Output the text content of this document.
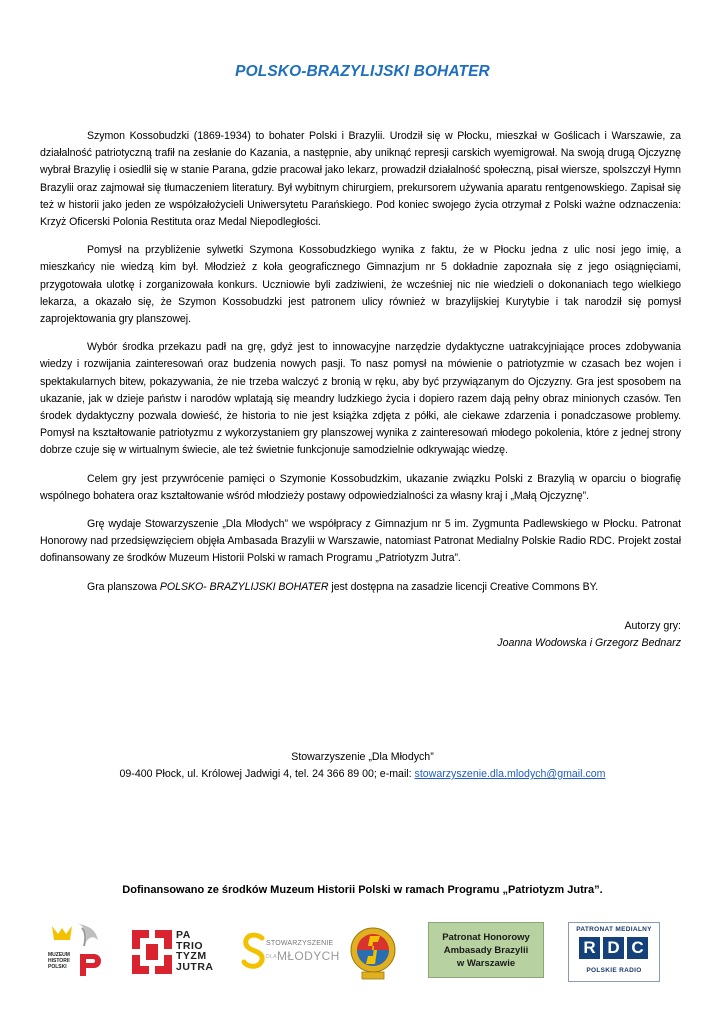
POLSKO-BRAZYLIJSKI BOHATER

Szymon Kossobudzki (1869-1934) to bohater Polski i Brazylii. Urodził się w Płocku, mieszkał w Goślicach i Warszawie, za działalność patriotyczną trafił na zesłanie do Kazania, a następnie, aby uniknąć represji carskich wyemigrował. Na swoją drugą Ojczyznę wybrał Brazylię i osiedlił się w stanie Parana, gdzie pracował jako lekarz, prowadził działalność społeczną, pisał wiersze, spolszczył Hymn Brazylii oraz zajmował się tłumaczeniem literatury. Był wybitnym chirurgiem, prekursorem używania aparatu rentgenowskiego. Zapisał się też w historii jako jeden ze współzałożycieli Uniwersytetu Parańskiego. Pod koniec swojego życia otrzymał z Polski ważne odznaczenia: Krzyż Oficerski Polonia Restituta oraz Medal Niepodległości.

Pomysł na przybliżenie sylwetki Szymona Kossobudzkiego wynika z faktu, że w Płocku jedna z ulic nosi jego imię, a mieszkańcy nie wiedzą kim był. Młodzież z koła geograficznego Gimnazjum nr 5 dokładnie zapoznała się z jego osiągnięciami, przygotowała ulotkę i zorganizowała konkurs. Uczniowie byli zadziwieni, że wcześniej nic nie wiedzieli o dokonaniach tego wielkiego lekarza, a okazało się, że Szymon Kossobudzki jest patronem ulicy również w brazylijskiej Kurytybie i tak narodził się pomysł zaprojektowania gry planszowej.

Wybór środka przekazu padł na grę, gdyż jest to innowacyjne narzędzie dydaktyczne uatrakcyjniające proces zdobywania wiedzy i rozwijania zainteresowań oraz budzenia nowych pasji. To nasz pomysł na mówienie o patriotyzmie w czasach bez wojen i spektakularnych bitew, pokazywania, że nie trzeba walczyć z bronią w ręku, aby być przywiązanym do Ojczyzny. Gra jest sposobem na ukazanie, jak w dzieje państw i narodów wplatają się meandry ludzkiego życia i dopiero razem dają pełny obraz minionych czasów. Ten środek dydaktyczny pozwala dowieść, że historia to nie jest książka zdjęta z półki, ale ciekawe zdarzenia i ponadczasowe problemy. Pomysł na kształtowanie patriotyzmu z wykorzystaniem gry planszowej wynika z zainteresowań młodego pokolenia, które z jednej strony dobrze czuje się w wirtualnym świecie, ale też świetnie funkcjonuje samodzielnie odkrywając wiedzę.

Celem gry jest przywrócenie pamięci o Szymonie Kossobudzkim, ukazanie związku Polski z Brazylią w oparciu o biografię wspólnego bohatera oraz kształtowanie wśród młodzieży postawy odpowiedzialności za własny kraj i „Małą Ojczyznę”.

Grę wydaje Stowarzyszenie „Dla Młodych” we współpracy z Gimnazjum nr 5 im. Zygmunta Padlewskiego w Płocku. Patronat Honorowy nad przedsięwzięciem objęła Ambasada Brazylii w Warszawie, natomiast Patronat Medialny Polskie Radio RDC. Projekt został dofinansowany ze środków Muzeum Historii Polski w ramach Programu „Patriotyzm Jutra”.

Gra planszowa POLSKO- BRAZYLIJSKI BOHATER jest dostępna na zasadzie licencji Creative Commons BY.

Autorzy gry:
Joanna Wodowska i Grzegorz Bednarz
Stowarzyszenie „Dla Młodych”
09-400 Płock, ul. Królowej Jadwigi 4, tel. 24 366 89 00; e-mail: stowarzyszenie.dla.mlodych@gmail.com

Dofinansowano ze środków Muzeum Historii Polski w ramach Programu „Patriotyzm Jutra”.

MUZEUM HISTORII POLSKI
PA
TRIO
TYZM
JUTRA
STOWARZYSZENIE
DLAMŁODYCH
Patronat Honorowy
Ambasady Brazylii
w Warszawie
PATRONAT MEDIALNY
R D C
POLSKIE RADIO
